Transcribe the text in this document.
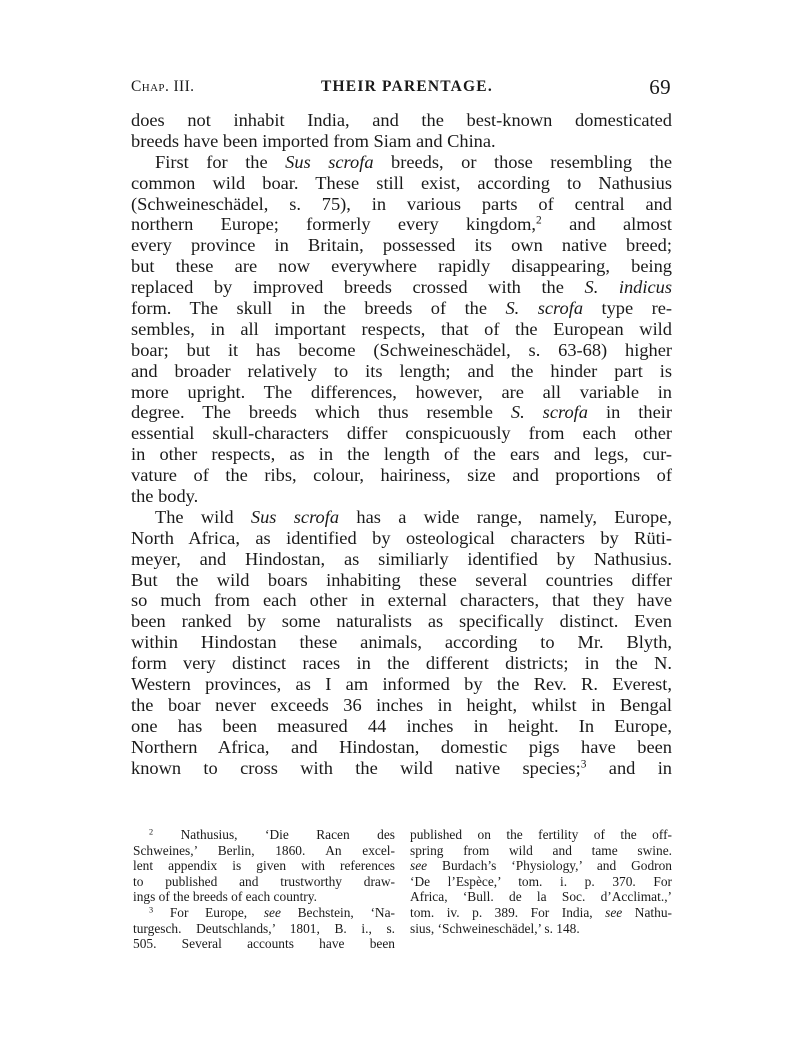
Chap. III.	THEIR PARENTAGE.	69
does not inhabit India, and the best-known domesticated
breeds have been imported from Siam and China.
First for the Sus scrofa breeds, or those resembling the
common wild boar. These still exist, according to Nathusius
(Schweineschädel, s. 75), in various parts of central and
northern Europe; formerly every kingdom,$^2$ and almost
every province in Britain, possessed its own native breed;
but these are now everywhere rapidly disappearing, being
replaced by improved breeds crossed with the S. indicus
form. The skull in the breeds of the S. scrofa type re-
sembles, in all important respects, that of the European wild
boar; but it has become (Schweineschädel, s. 63-68) higher
and broader relatively to its length; and the hinder part is
more upright. The differences, however, are all variable in
degree. The breeds which thus resemble S. scrofa in their
essential skull-characters differ conspicuously from each other
in other respects, as in the length of the ears and legs, cur-
vature of the ribs, colour, hairiness, size and proportions of
the body.
The wild Sus scrofa has a wide range, namely, Europe,
North Africa, as identified by osteological characters by Rüti-
meyer, and Hindostan, as similiarly identified by Nathusius.
But the wild boars inhabiting these several countries differ
so much from each other in external characters, that they have
been ranked by some naturalists as specifically distinct. Even
within Hindostan these animals, according to Mr. Blyth,
form very distinct races in the different districts; in the N.
Western provinces, as I am informed by the Rev. R. Everest,
the boar never exceeds 36 inches in height, whilst in Bengal
one has been measured 44 inches in height. In Europe,
Northern Africa, and Hindostan, domestic pigs have been
known to cross with the wild native species;$^3$ and in
$^2$ Nathusius, ‘Die Racen des
Schweines,’ Berlin, 1860. An excel-
lent appendix is given with references
to published and trustworthy draw-
ings of the breeds of each country.
$^3$ For Europe, see Bechstein, ‘Na-
turgesch. Deutschlands,’ 1801, B. i., s.
505. Several accounts have been
published on the fertility of the off-
spring from wild and tame swine.
see Burdach’s ‘Physiology,’ and Godron
‘De l’Espèce,’ tom. i. p. 370. For
Africa, ‘Bull. de la Soc. d’Acclimat.,’
tom. iv. p. 389. For India, see Nathu-
sius, ‘Schweineschädel,’ s. 148.
